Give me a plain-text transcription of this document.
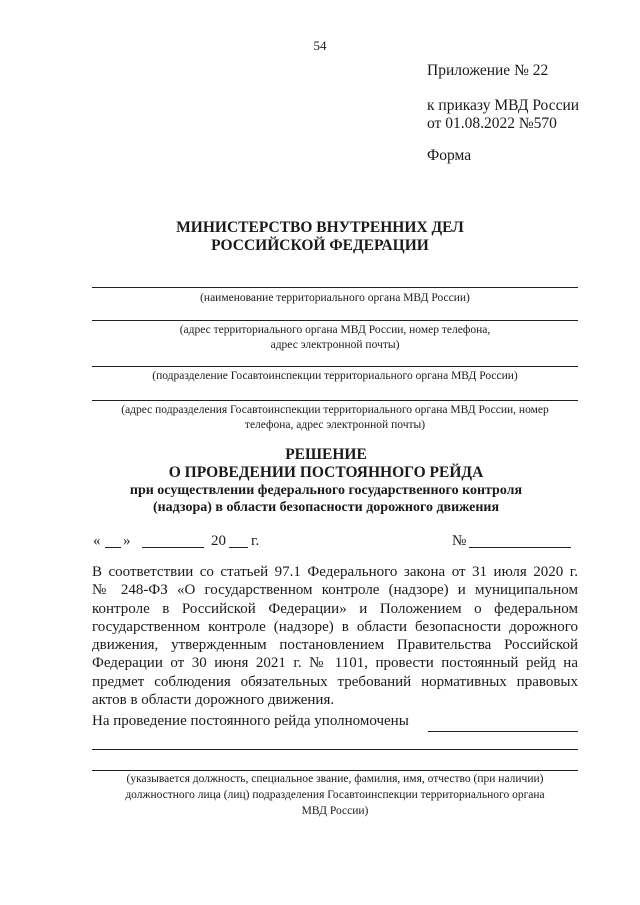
54
Приложение № 22
к приказу МВД России
от 01.08.2022 №570
Форма
МИНИСТЕРСТВО ВНУТРЕННИХ ДЕЛ
РОССИЙСКОЙ ФЕДЕРАЦИИ
(наименование территориального органа МВД России)
(адрес территориального органа МВД России, номер телефона,
адрес электронной почты)
(подразделение Госавтоинспекции территориального органа МВД России)
(адрес подразделения Госавтоинспекции территориального органа МВД России, номер
телефона, адрес электронной почты)
РЕШЕНИЕ
О ПРОВЕДЕНИИ ПОСТОЯННОГО РЕЙДА
при осуществлении федерального государственного контроля
(надзора) в области безопасности дорожного движения
« »	20 г.	№
В соответствии со статьей 97.1 Федерального закона от 31 июля 2020 г.
№ 248-ФЗ «О государственном контроле (надзоре) и муниципальном
контроле в Российской Федерации» и Положением о федеральном
государственном контроле (надзоре) в области безопасности дорожного
движения, утвержденным постановлением Правительства Российской
Федерации от 30 июня 2021 г. № 1101, провести постоянный рейд на
предмет соблюдения обязательных требований нормативных правовых
актов в области дорожного движения.
На проведение постоянного рейда уполномочены
(указывается должность, специальное звание, фамилия, имя, отчество (при наличии)
должностного лица (лиц) подразделения Госавтоинспекции территориального органа
МВД России)
